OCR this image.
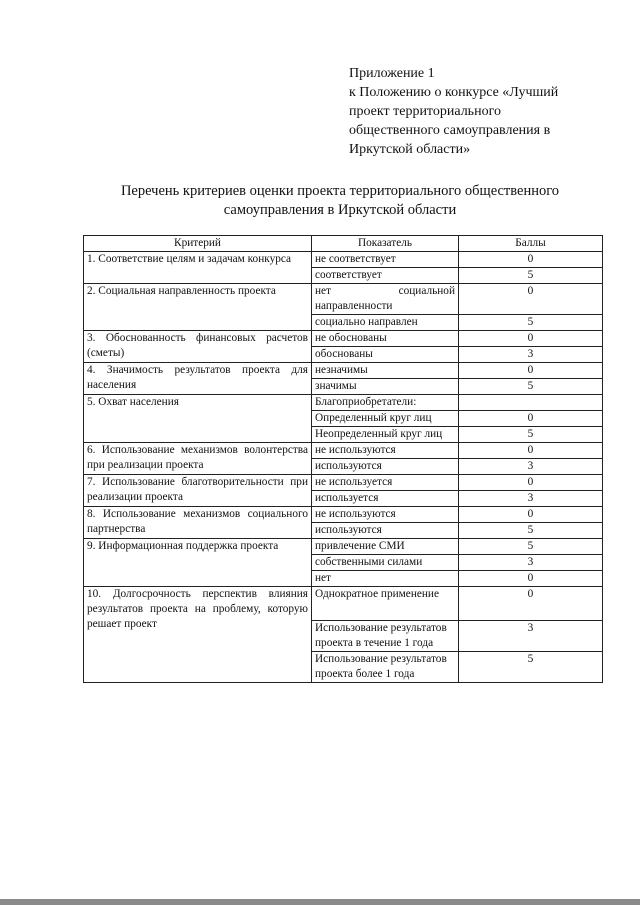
Приложение 1
к Положению о конкурсе «Лучший
проект территориального
общественного самоуправления в
Иркутской области»
Перечень критериев оценки проекта территориального общественного
самоуправления в Иркутской области
Критерий	Показатель	Баллы
1. Соответствие целям и задачам конкурса	не соответствует	0
	соответствует	5
2. Социальная направленность проекта	нет социальной направленности	0
	социально направлен	5
3. Обоснованность финансовых расчетов (сметы)	не обоснованы	0
	обоснованы	3
4. Значимость результатов проекта для населения	незначимы	0
	значимы	5
5. Охват населения	Благоприобретатели:	
	Определенный круг лиц	0
	Неопределенный круг лиц	5
6. Использование механизмов волонтерства при реализации проекта	не используются	0
	используются	3
7. Использование благотворительности при реализации проекта	не используется	0
	используется	3
8. Использование механизмов социального партнерства	не используются	0
	используются	5
9. Информационная поддержка проекта	привлечение СМИ	5
	собственными силами	3
	нет	0
10. Долгосрочность перспектив влияния результатов проекта на проблему, которую решает проект	Однократное применение	0
	Использование результатов проекта в течение 1 года	3
	Использование результатов проекта более 1 года	5
